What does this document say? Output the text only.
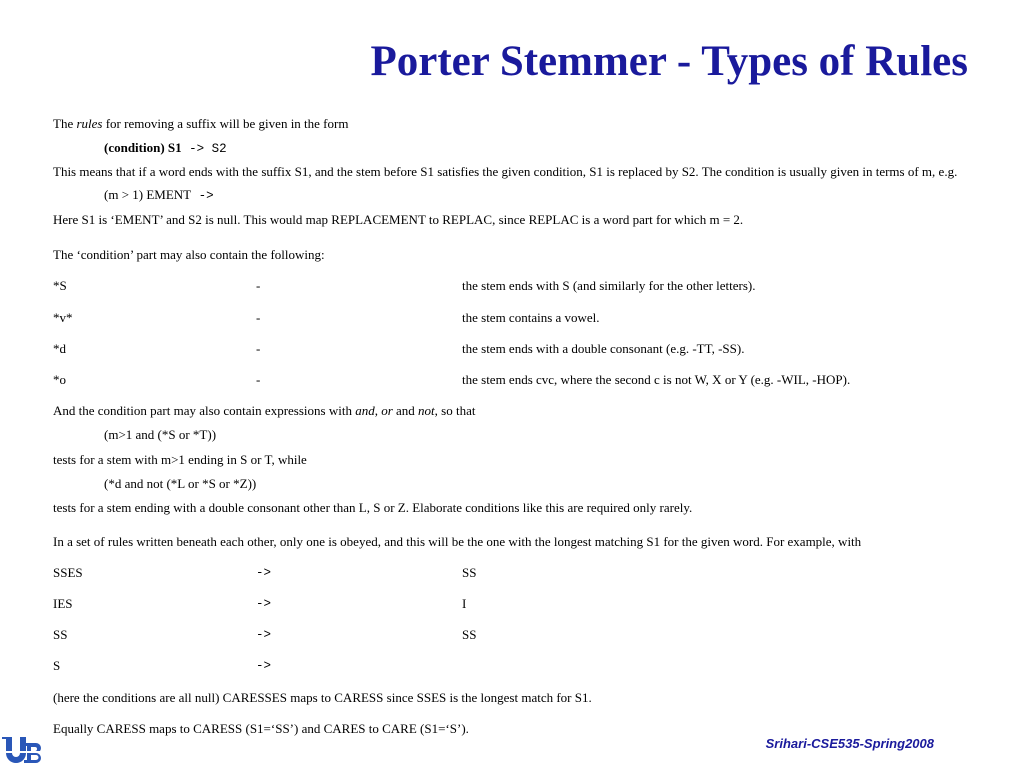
Porter Stemmer - Types of Rules
The rules for removing a suffix will be given in the form
(condition) S1 -> S2
This means that if a word ends with the suffix S1, and the stem before S1 satisfies the given condition, S1 is replaced by S2. The condition is usually given in terms of m, e.g.
(m > 1) EMENT ->
Here S1 is ‘EMENT’ and S2 is null. This would map REPLACEMENT to REPLAC, since REPLAC is a word part for which m = 2.
The ‘condition’ part may also contain the following:
*S	-	the stem ends with S (and similarly for the other letters).
*v*	-	the stem contains a vowel.
*d	-	the stem ends with a double consonant (e.g. -TT, -SS).
*o	-	the stem ends cvc, where the second c is not W, X or Y (e.g. -WIL, -HOP).
And the condition part may also contain expressions with and, or and not, so that
(m>1 and (*S or *T))
tests for a stem with m>1 ending in S or T, while
(*d and not (*L or *S or *Z))
tests for a stem ending with a double consonant other than L, S or Z. Elaborate conditions like this are required only rarely.
In a set of rules written beneath each other, only one is obeyed, and this will be the one with the longest matching S1 for the given word. For example, with
SSES	->	SS
IES	->	I
SS	->	SS
S	->
(here the conditions are all null) CARESSES maps to CARESS since SSES is the longest match for S1.
Equally CARESS maps to CARESS (S1=‘SS’) and CARES to CARE (S1=‘S’).
Srihari-CSE535-Spring2008
